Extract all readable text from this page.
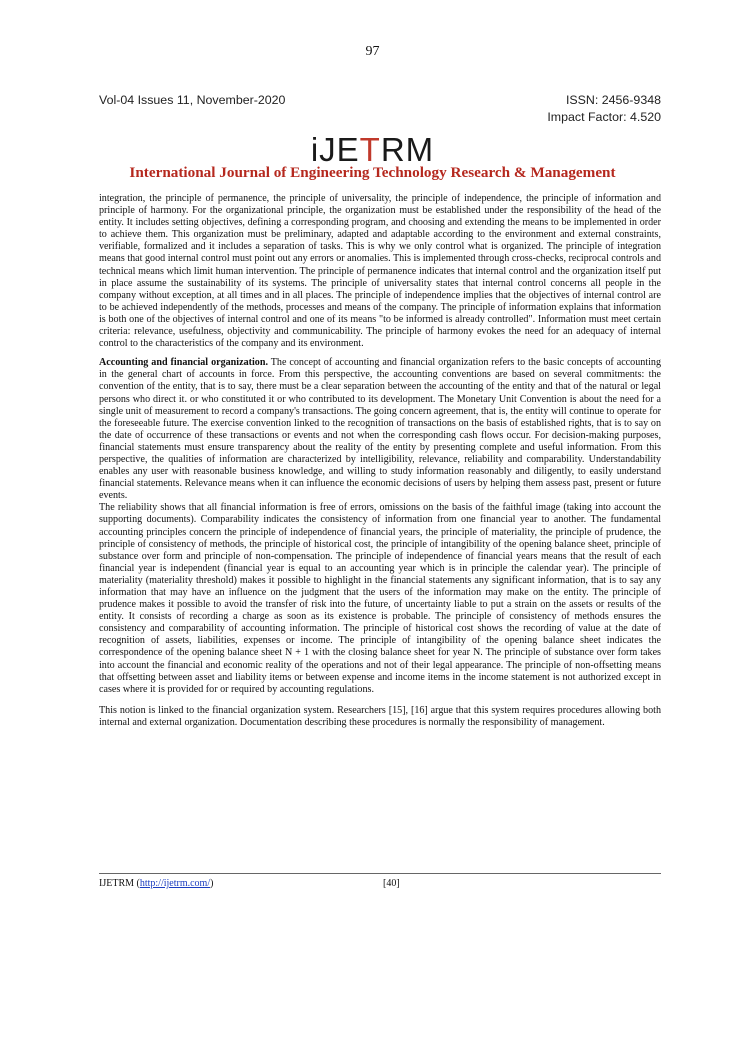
97
Vol-04 Issues 11, November-2020	ISSN: 2456-9348
Impact Factor: 4.520
iJETRM
International Journal of Engineering Technology Research & Management

integration, the principle of permanence, the principle of universality, the principle of independence, the principle of information and principle of harmony. For the organizational principle, the organization must be established under the responsibility of the head of the entity. It includes setting objectives, defining a corresponding program, and choosing and extending the means to be implemented in order to achieve them. This organization must be preliminary, adapted and adaptable according to the environment and external constraints, verifiable, formalized and it includes a separation of tasks. This is why we only control what is organized. The principle of integration means that good internal control must point out any errors or anomalies. This is implemented through cross-checks, reciprocal controls and technical means which limit human intervention. The principle of permanence indicates that internal control and the organization itself put in place assume the sustainability of its systems. The principle of universality states that internal control concerns all people in the company without exception, at all times and in all places. The principle of independence implies that the objectives of internal control are to be achieved independently of the methods, processes and means of the company. The principle of information explains that information is both one of the objectives of internal control and one of its means "to be informed is already controlled". Information must meet certain criteria: relevance, usefulness, objectivity and communicability. The principle of harmony evokes the need for an adequacy of internal control to the characteristics of the company and its environment.

Accounting and financial organization. The concept of accounting and financial organization refers to the basic concepts of accounting in the general chart of accounts in force. From this perspective, the accounting conventions are based on several commitments: the convention of the entity, that is to say, there must be a clear separation between the accounting of the entity and that of the natural or legal persons who direct it. or who constituted it or who contributed to its development. The Monetary Unit Convention is about the need for a single unit of measurement to record a company's transactions. The going concern agreement, that is, the entity will continue to operate for the foreseeable future. The exercise convention linked to the recognition of transactions on the basis of established rights, that is to say on the date of occurrence of these transactions or events and not when the corresponding cash flows occur. For decision-making purposes, financial statements must ensure transparency about the reality of the entity by presenting complete and useful information. From this perspective, the qualities of information are characterized by intelligibility, relevance, reliability and comparability. Understandability enables any user with reasonable business knowledge, and willing to study information reasonably and diligently, to easily understand financial statements. Relevance means when it can influence the economic decisions of users by helping them assess past, present or future events.

The reliability shows that all financial information is free of errors, omissions on the basis of the faithful image (taking into account the supporting documents). Comparability indicates the consistency of information from one financial year to another. The fundamental accounting principles concern the principle of independence of financial years, the principle of materiality, the principle of prudence, the principle of consistency of methods, the principle of historical cost, the principle of intangibility of the opening balance sheet, principle of substance over form and principle of non-compensation. The principle of independence of financial years means that the result of each financial year is independent (financial year is equal to an accounting year which is in principle the calendar year). The principle of materiality (materiality threshold) makes it possible to highlight in the financial statements any significant information, that is to say any information that may have an influence on the judgment that the users of the information may make on the entity. The principle of prudence makes it possible to avoid the transfer of risk into the future, of uncertainty liable to put a strain on the assets or results of the entity. It consists of recording a charge as soon as its existence is probable. The principle of consistency of methods ensures the consistency and comparability of accounting information. The principle of historical cost shows the recording of value at the date of recognition of assets, liabilities, expenses or income. The principle of intangibility of the opening balance sheet indicates the correspondence of the opening balance sheet N + 1 with the closing balance sheet for year N. The principle of substance over form takes into account the financial and economic reality of the operations and not of their legal appearance. The principle of non-offsetting means that offsetting between asset and liability items or between expense and income items in the income statement is not authorized except in cases where it is provided for or required by accounting regulations.

This notion is linked to the financial organization system. Researchers [15], [16] argue that this system requires procedures allowing both internal and external organization. Documentation describing these procedures is normally the responsibility of management.

IJETRM (http://ijetrm.com/)	[40]
